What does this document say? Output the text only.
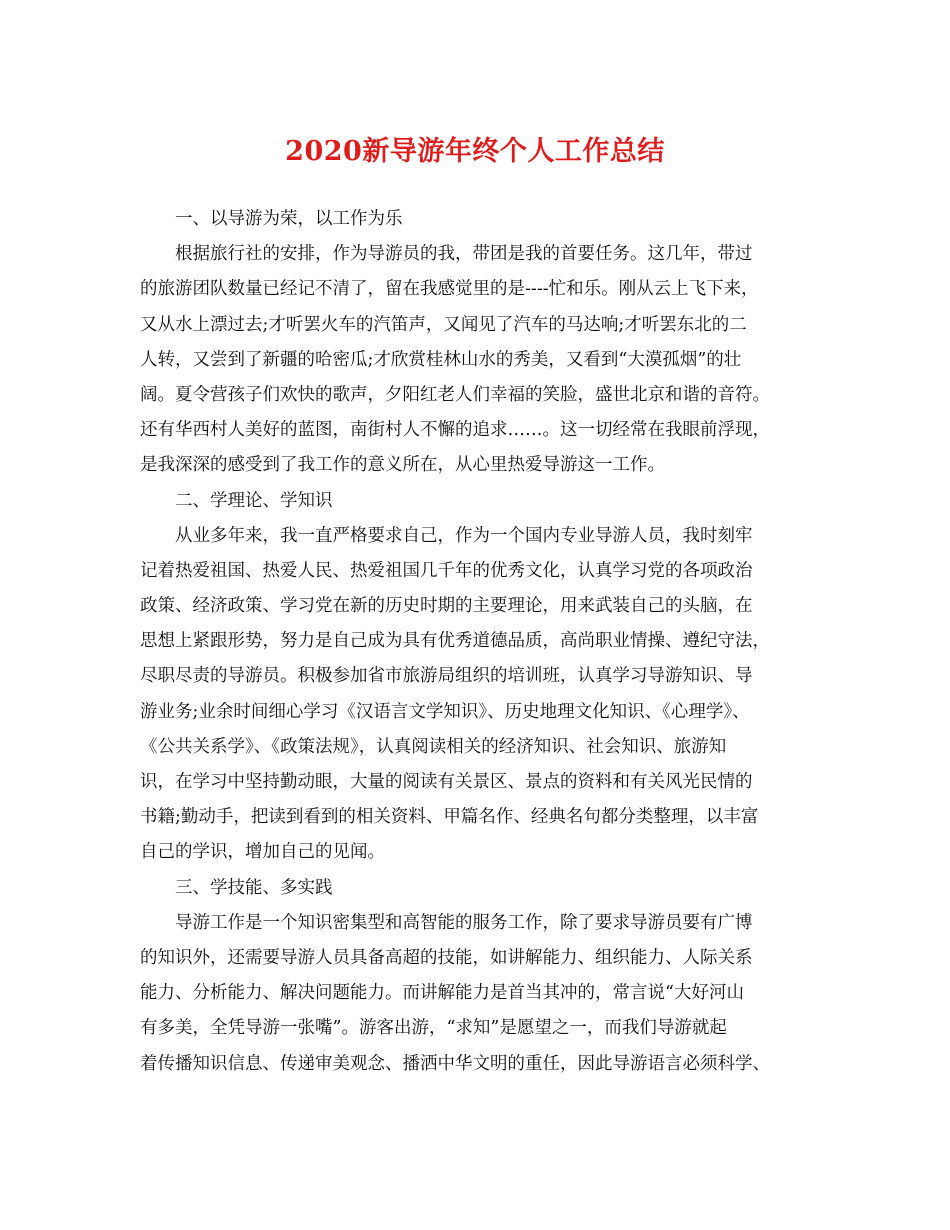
2020新导游年终个人工作总结
一、以导游为荣，以工作为乐
根据旅行社的安排，作为导游员的我，带团是我的首要任务。这几年，带过
的旅游团队数量已经记不清了，留在我感觉里的是----忙和乐。刚从云上飞下来，
又从水上漂过去;才听罢火车的汽笛声，又闻见了汽车的马达响;才听罢东北的二
人转，又尝到了新疆的哈密瓜;才欣赏桂林山水的秀美，又看到“大漠孤烟”的壮
阔。夏令营孩子们欢快的歌声，夕阳红老人们幸福的笑脸，盛世北京和谐的音符。
还有华西村人美好的蓝图，南街村人不懈的追求……。这一切经常在我眼前浮现，
是我深深的感受到了我工作的意义所在，从心里热爱导游这一工作。
二、学理论、学知识
从业多年来，我一直严格要求自己，作为一个国内专业导游人员，我时刻牢
记着热爱祖国、热爱人民、热爱祖国几千年的优秀文化，认真学习党的各项政治
政策、经济政策、学习党在新的历史时期的主要理论，用来武装自己的头脑，在
思想上紧跟形势，努力是自己成为具有优秀道德品质，高尚职业情操、遵纪守法，
尽职尽责的导游员。积极参加省市旅游局组织的培训班，认真学习导游知识、导
游业务;业余时间细心学习《汉语言文学知识》、历史地理文化知识、《心理学》、
《公共关系学》、《政策法规》，认真阅读相关的经济知识、社会知识、旅游知
识，在学习中坚持勤动眼，大量的阅读有关景区、景点的资料和有关风光民情的
书籍;勤动手，把读到看到的相关资料、甲篇名作、经典名句都分类整理，以丰富
自己的学识，增加自己的见闻。
三、学技能、多实践
导游工作是一个知识密集型和高智能的服务工作，除了要求导游员要有广博
的知识外，还需要导游人员具备高超的技能，如讲解能力、组织能力、人际关系
能力、分析能力、解决问题能力。而讲解能力是首当其冲的，常言说“大好河山
有多美，全凭导游一张嘴”。游客出游，“求知”是愿望之一，而我们导游就起
着传播知识信息、传递审美观念、播洒中华文明的重任，因此导游语言必须科学、
